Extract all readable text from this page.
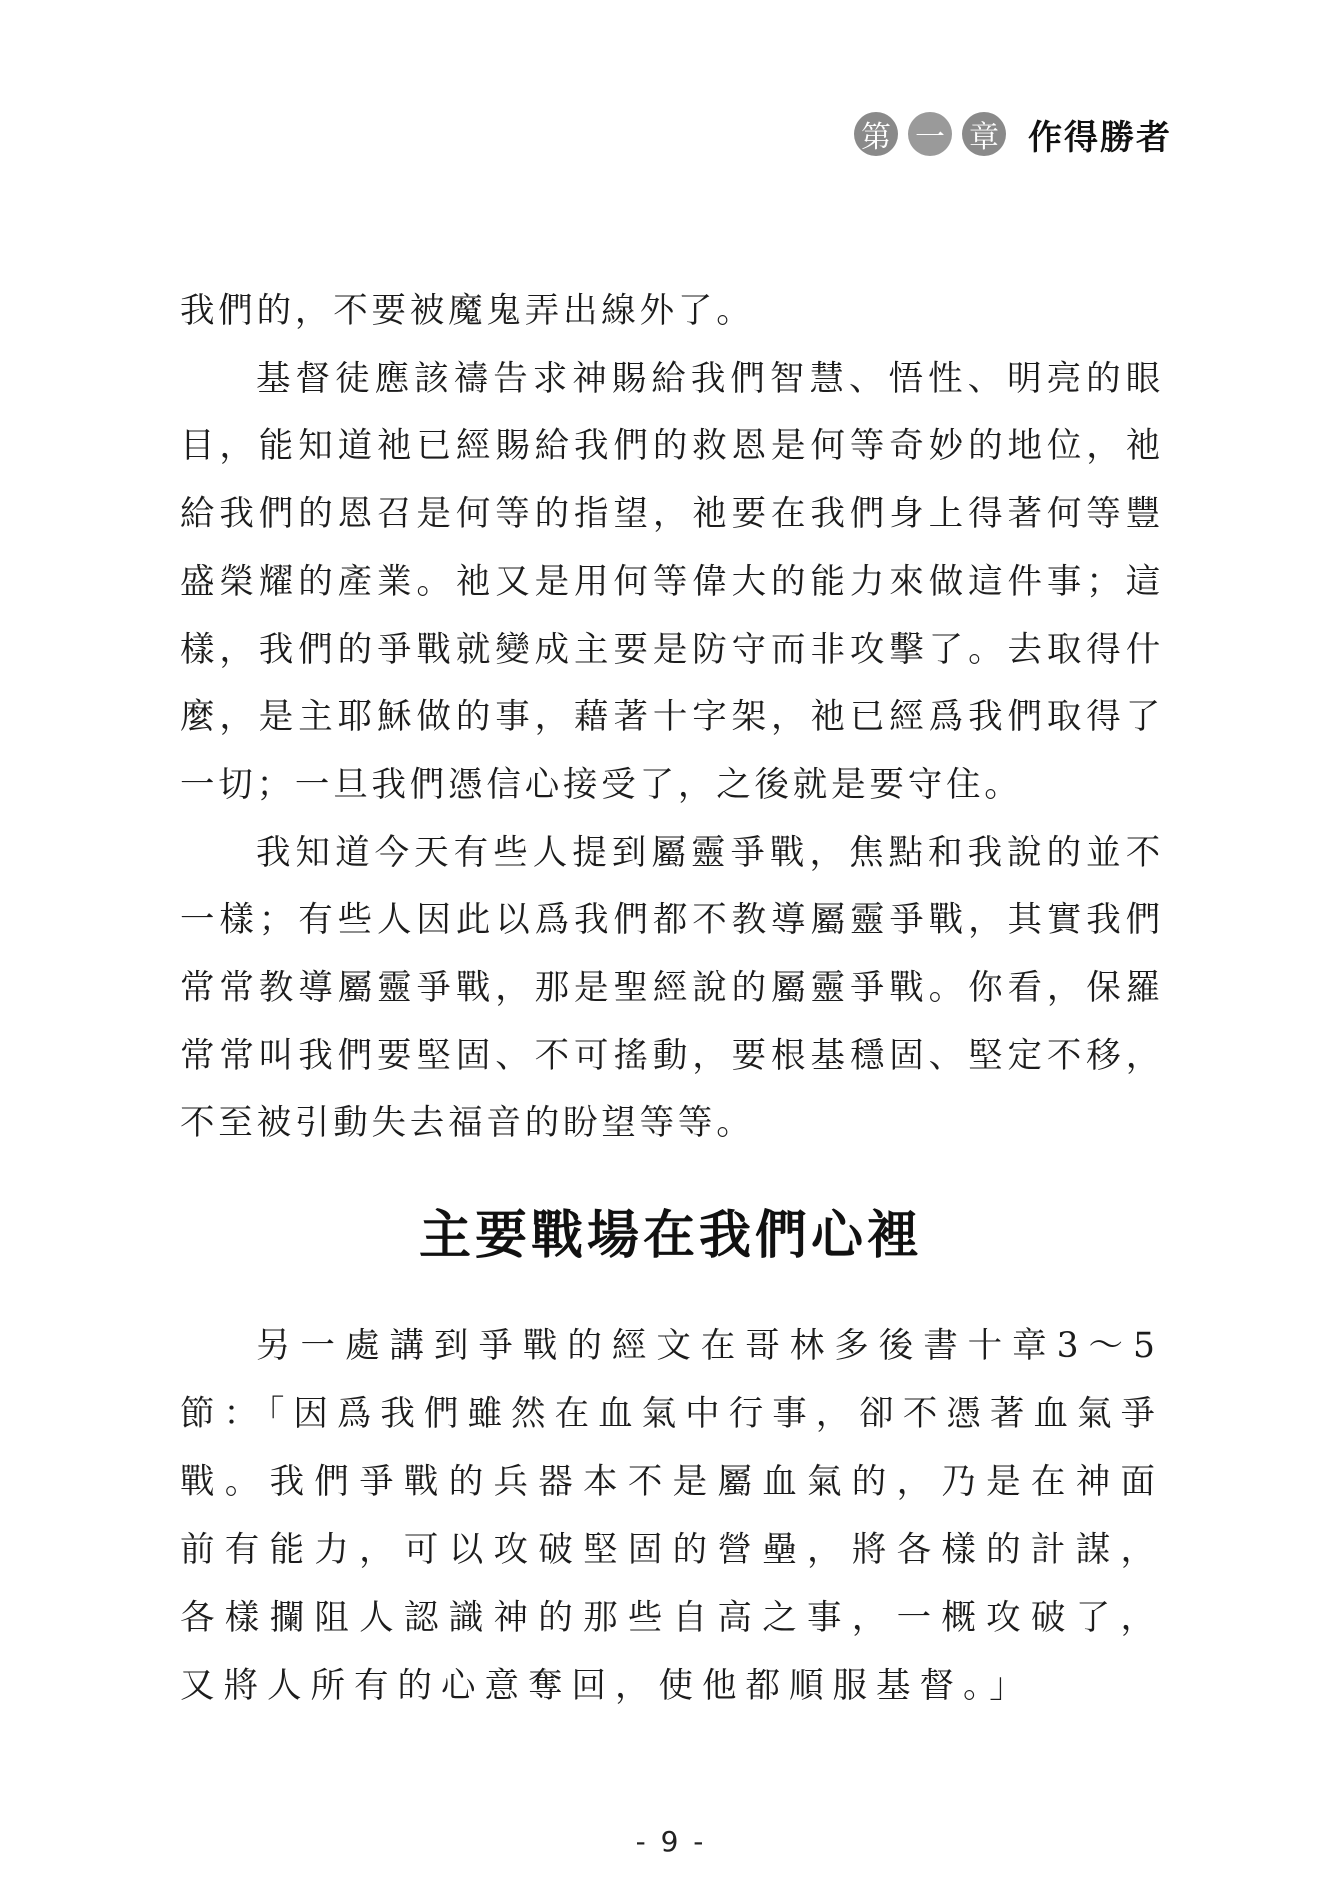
第 一 章 作得勝者

我們的，不要被魔鬼弄出線外了。

基督徒應該禱告求神賜給我們智慧、悟性、明亮的眼目，能知道祂已經賜給我們的救恩是何等奇妙的地位，祂給我們的恩召是何等的指望，祂要在我們身上得著何等豐盛榮耀的產業。祂又是用何等偉大的能力來做這件事；這樣，我們的爭戰就變成主要是防守而非攻擊了。去取得什麼，是主耶穌做的事，藉著十字架，祂已經爲我們取得了一切；一旦我們憑信心接受了，之後就是要守住。

我知道今天有些人提到屬靈爭戰，焦點和我說的並不一樣；有些人因此以爲我們都不教導屬靈爭戰，其實我們常常教導屬靈爭戰，那是聖經說的屬靈爭戰。你看，保羅常常叫我們要堅固、不可搖動，要根基穩固、堅定不移，不至被引動失去福音的盼望等等。

主要戰場在我們心裡

另一處講到爭戰的經文在哥林多後書十章3～5節：「因爲我們雖然在血氣中行事，卻不憑著血氣爭戰。我們爭戰的兵器本不是屬血氣的，乃是在神面前有能力，可以攻破堅固的營壘，將各樣的計謀，各樣攔阻人認識神的那些自高之事，一概攻破了，又將人所有的心意奪回，使他都順服基督。」

- 9 -
